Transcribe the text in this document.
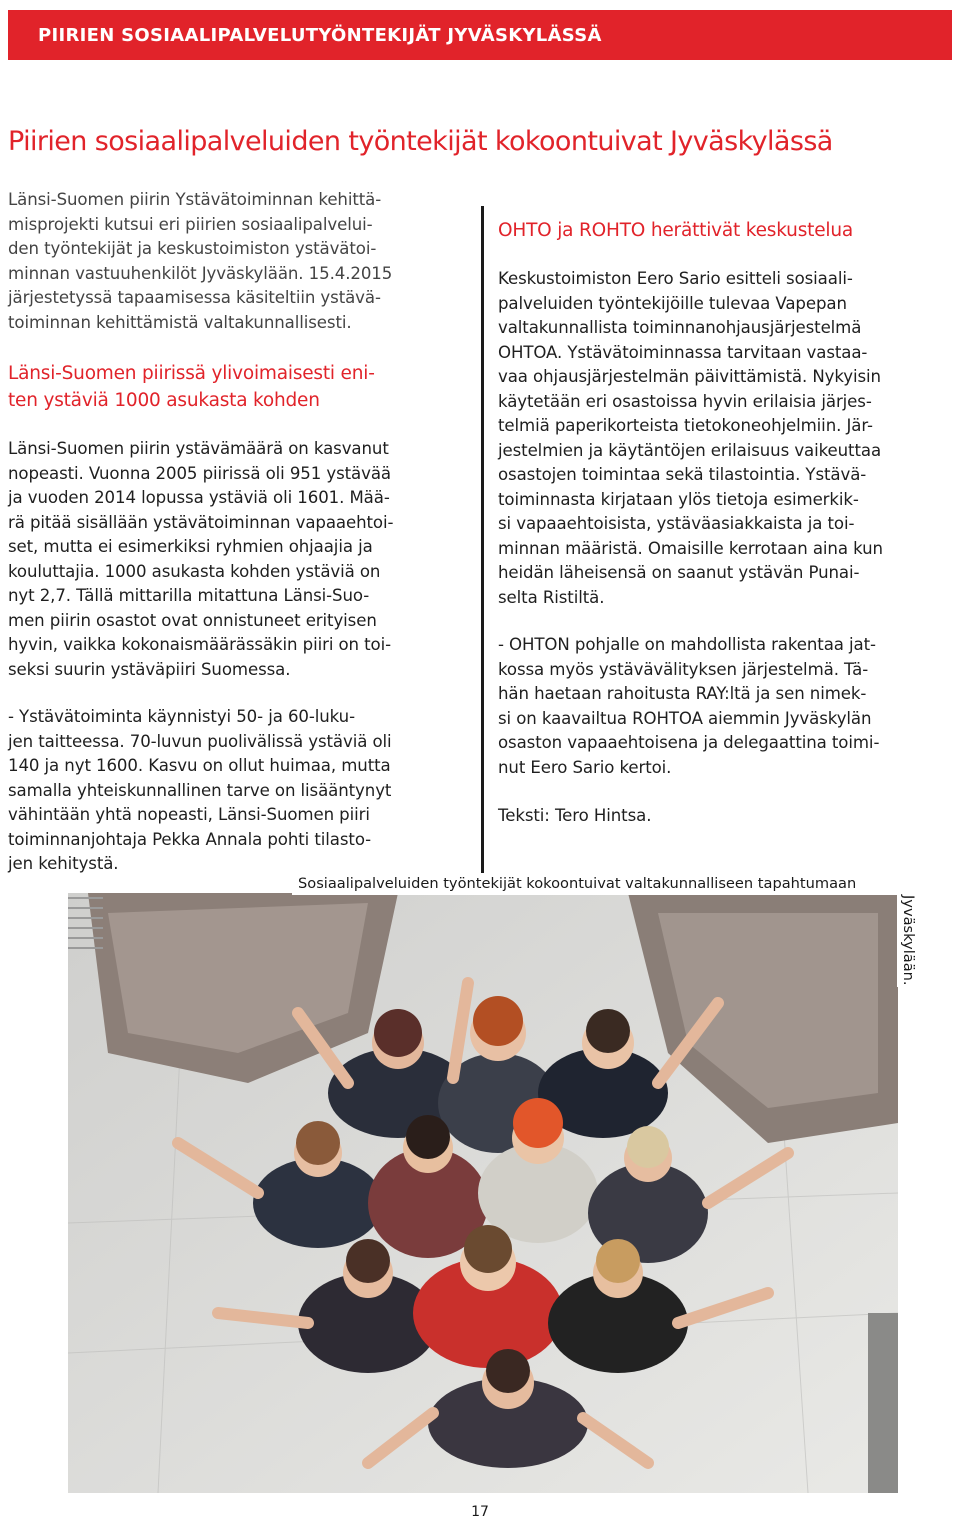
PIIRIEN SOSIAALIPALVELUTYÖNTEKIJÄT JYVÄSKYLÄSSÄ
Piirien sosiaalipalveluiden työntekijät kokoontuivat Jyväskylässä
Länsi-Suomen piirin Ystävätoiminnan kehittä-
misprojekti kutsui eri piirien sosiaalipalvelui-
den työntekijät ja keskustoimiston ystävätoi-
minnan vastuuhenkilöt Jyväskylään. 15.4.2015
järjestetyssä tapaamisessa käsiteltiin ystävä-
toiminnan kehittämistä valtakunnallisesti.
Länsi-Suomen piirissä ylivoimaisesti eni-
ten ystäviä 1000 asukasta kohden
Länsi-Suomen piirin ystävämäärä on kasvanut
nopeasti. Vuonna 2005 piirissä oli 951 ystävää
ja vuoden 2014 lopussa ystäviä oli 1601. Mää-
rä pitää sisällään ystävätoiminnan vapaaehtoi-
set, mutta ei esimerkiksi ryhmien ohjaajia ja
kouluttajia. 1000 asukasta kohden ystäviä on
nyt 2,7. Tällä mittarilla mitattuna Länsi-Suo-
men piirin osastot ovat onnistuneet erityisen
hyvin, vaikka kokonaismäärässäkin piiri on toi-
seksi suurin ystäväpiiri Suomessa.
- Ystävätoiminta käynnistyi 50- ja 60-luku-
jen taitteessa. 70-luvun puolivälissä ystäviä oli
140 ja nyt 1600. Kasvu on ollut huimaa, mutta
samalla yhteiskunnallinen tarve on lisääntynyt
vähintään yhtä nopeasti, Länsi-Suomen piiri
toiminnanjohtaja Pekka Annala pohti tilasto-
jen kehitystä.
OHTO ja ROHTO herättivät keskustelua
Keskustoimiston Eero Sario esitteli sosiaali-
palveluiden työntekijöille tulevaa Vapepan
valtakunnallista toiminnanohjausjärjestelmä
OHTOA. Ystävätoiminnassa tarvitaan vastaa-
vaa ohjausjärjestelmän päivittämistä. Nykyisin
käytetään eri osastoissa hyvin erilaisia järjes-
telmiä paperikorteista tietokoneohjelmiin. Jär-
jestelmien ja käytäntöjen erilaisuus vaikeuttaa
osastojen toimintaa sekä tilastointia. Ystävä-
toiminnasta kirjataan ylös tietoja esimerkik-
si vapaaehtoisista, ystäväasiakkaista ja toi-
minnan määristä. Omaisille kerrotaan aina kun
heidän läheisensä on saanut ystävän Punai-
selta Ristiltä.
- OHTON pohjalle on mahdollista rakentaa jat-
kossa myös ystävävälityksen järjestelmä. Tä-
hän haetaan rahoitusta RAY:ltä ja sen nimek-
si on kaavailtua ROHTOA aiemmin Jyväskylän
osaston vapaaehtoisena ja delegaattina toimi-
nut Eero Sario kertoi.
Teksti: Tero Hintsa.
Sosiaalipalveluiden työntekijät kokoontuivat valtakunnalliseen tapahtumaan
Jyväskylään.
17
